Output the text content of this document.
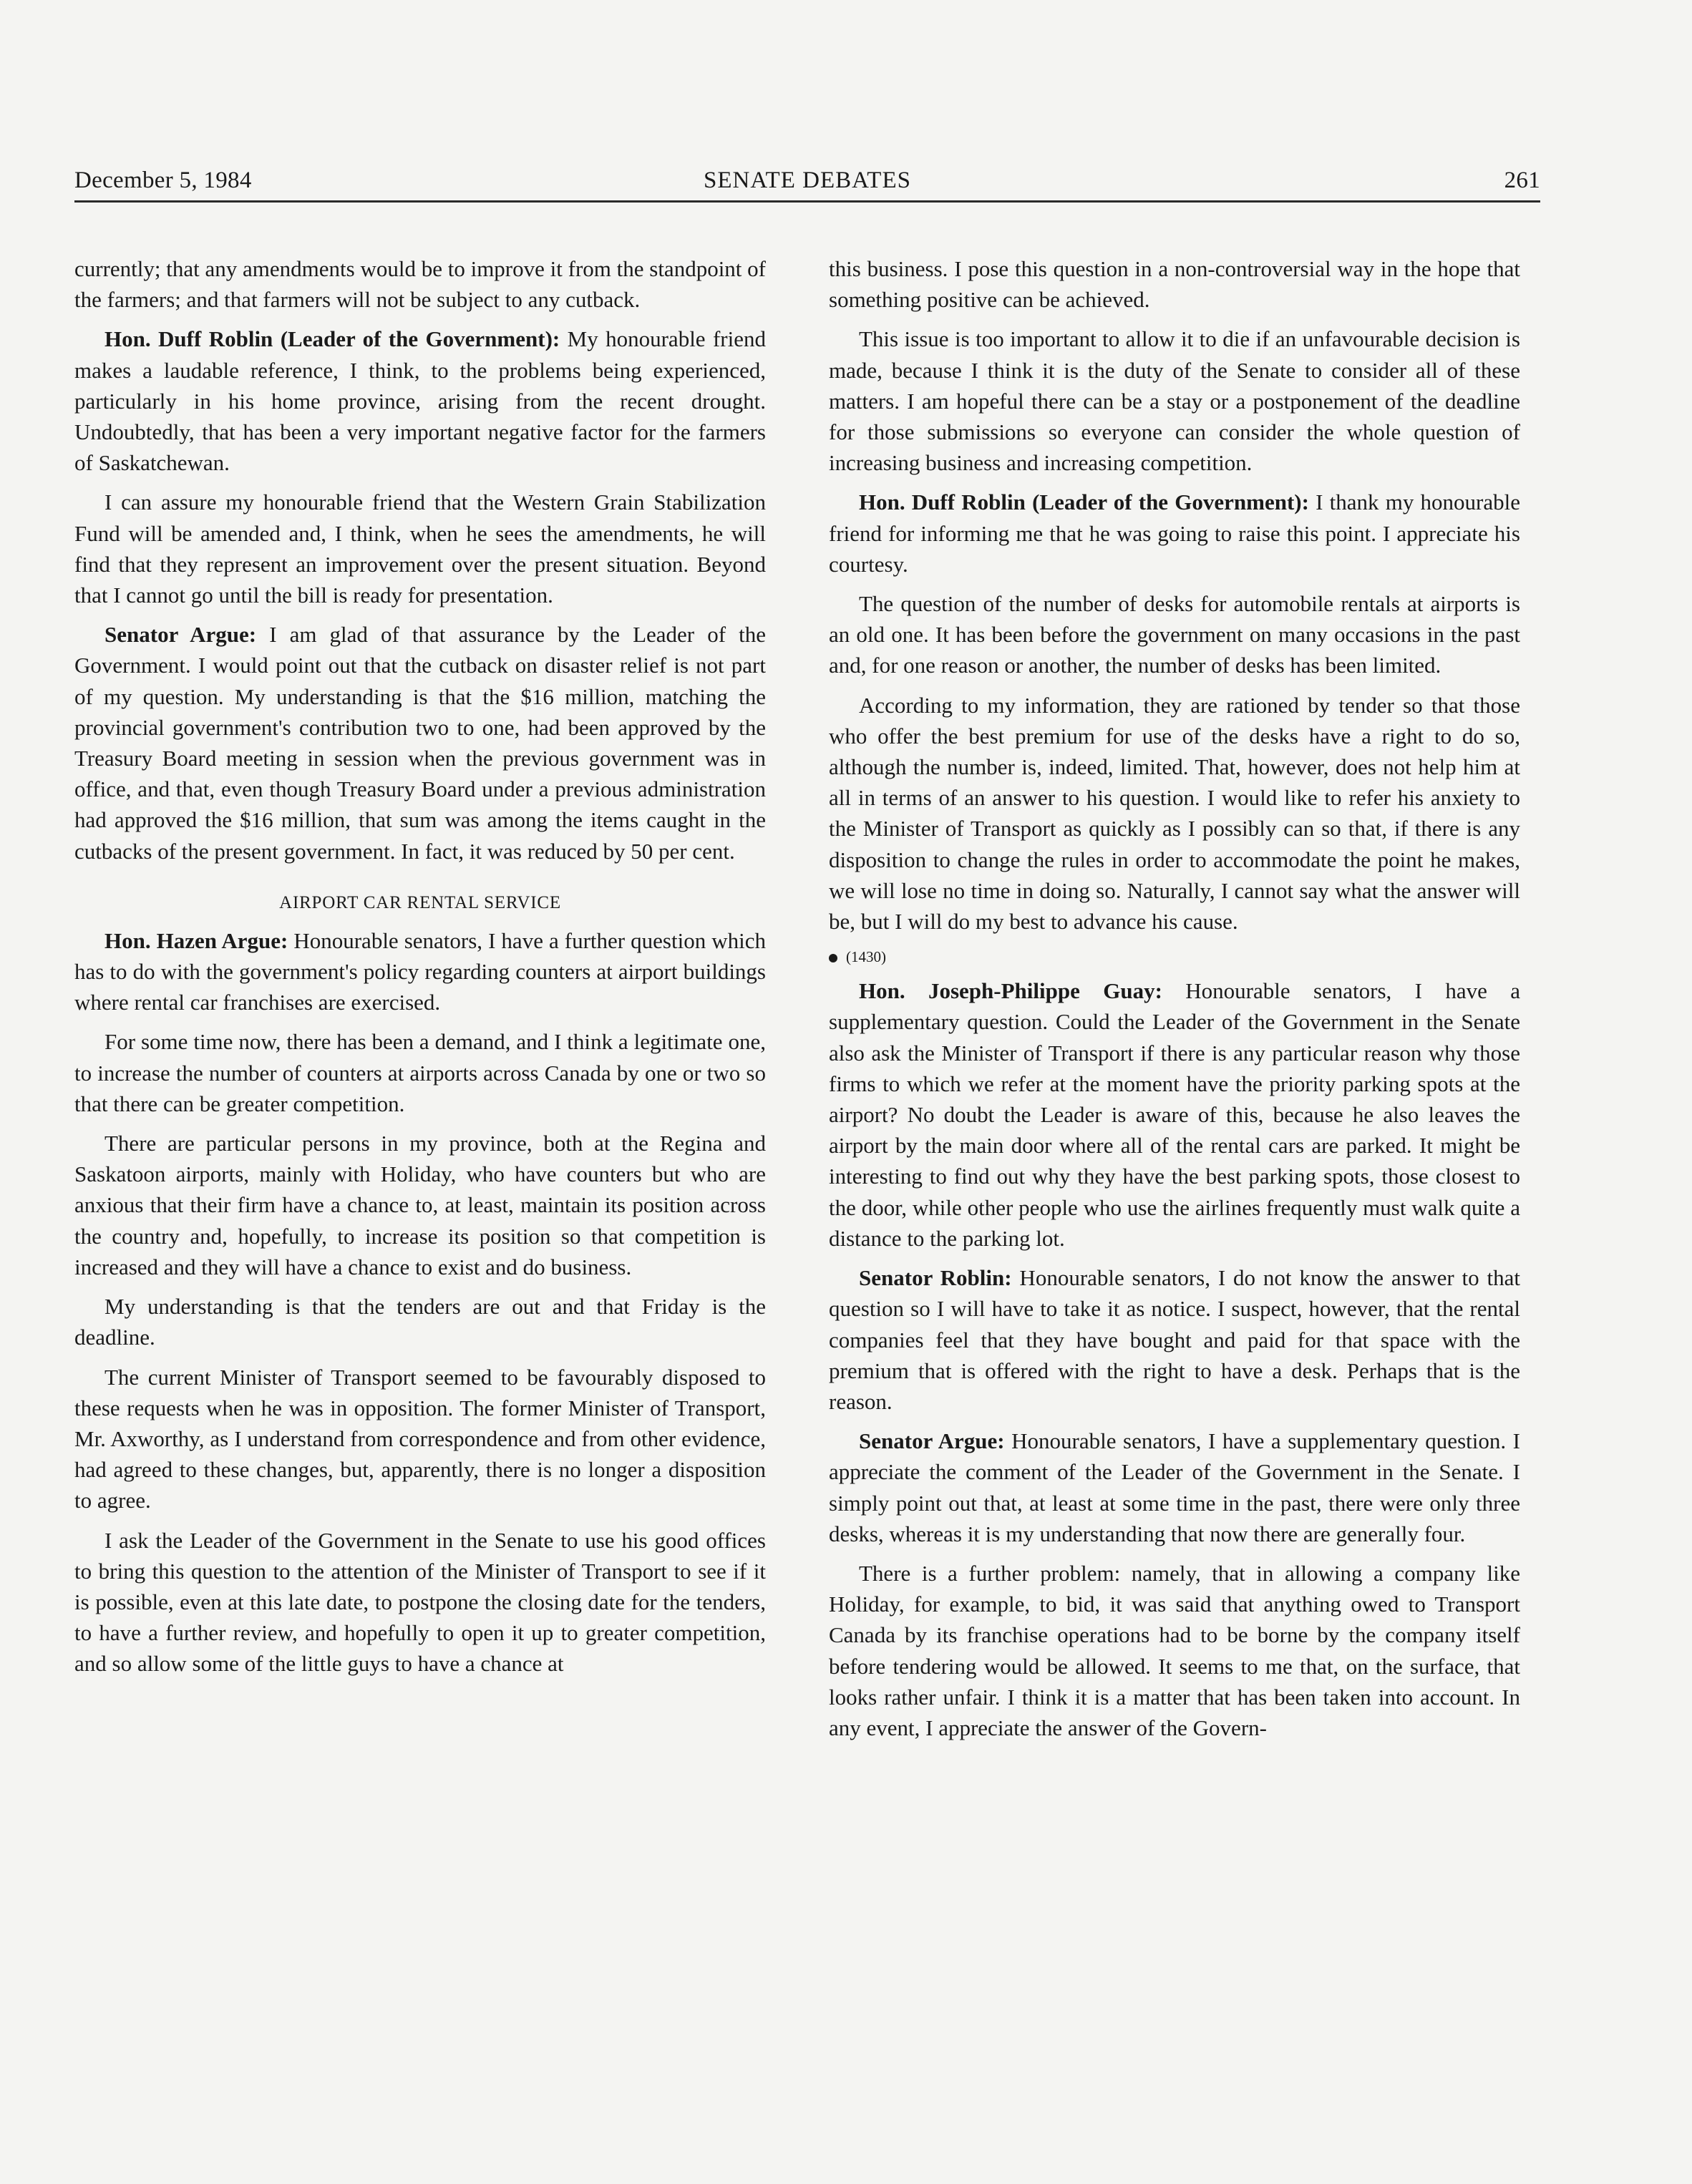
December 5, 1984	SENATE DEBATES	261

currently; that any amendments would be to improve it from the standpoint of the farmers; and that farmers will not be subject to any cutback.

Hon. Duff Roblin (Leader of the Government): My honourable friend makes a laudable reference, I think, to the problems being experienced, particularly in his home province, arising from the recent drought. Undoubtedly, that has been a very important negative factor for the farmers of Saskatchewan.

I can assure my honourable friend that the Western Grain Stabilization Fund will be amended and, I think, when he sees the amendments, he will find that they represent an improvement over the present situation. Beyond that I cannot go until the bill is ready for presentation.

Senator Argue: I am glad of that assurance by the Leader of the Government. I would point out that the cutback on disaster relief is not part of my question. My understanding is that the $16 million, matching the provincial government's contribution two to one, had been approved by the Treasury Board meeting in session when the previous government was in office, and that, even though Treasury Board under a previous administration had approved the $16 million, that sum was among the items caught in the cutbacks of the present government. In fact, it was reduced by 50 per cent.

AIRPORT CAR RENTAL SERVICE

Hon. Hazen Argue: Honourable senators, I have a further question which has to do with the government's policy regarding counters at airport buildings where rental car franchises are exercised.

For some time now, there has been a demand, and I think a legitimate one, to increase the number of counters at airports across Canada by one or two so that there can be greater competition.

There are particular persons in my province, both at the Regina and Saskatoon airports, mainly with Holiday, who have counters but who are anxious that their firm have a chance to, at least, maintain its position across the country and, hopefully, to increase its position so that competition is increased and they will have a chance to exist and do business.

My understanding is that the tenders are out and that Friday is the deadline.

The current Minister of Transport seemed to be favourably disposed to these requests when he was in opposition. The former Minister of Transport, Mr. Axworthy, as I understand from correspondence and from other evidence, had agreed to these changes, but, apparently, there is no longer a disposition to agree.

I ask the Leader of the Government in the Senate to use his good offices to bring this question to the attention of the Minister of Transport to see if it is possible, even at this late date, to postpone the closing date for the tenders, to have a further review, and hopefully to open it up to greater competition, and so allow some of the little guys to have a chance at

this business. I pose this question in a non-controversial way in the hope that something positive can be achieved.

This issue is too important to allow it to die if an unfavourable decision is made, because I think it is the duty of the Senate to consider all of these matters. I am hopeful there can be a stay or a postponement of the deadline for those submissions so everyone can consider the whole question of increasing business and increasing competition.

Hon. Duff Roblin (Leader of the Government): I thank my honourable friend for informing me that he was going to raise this point. I appreciate his courtesy.

The question of the number of desks for automobile rentals at airports is an old one. It has been before the government on many occasions in the past and, for one reason or another, the number of desks has been limited.

According to my information, they are rationed by tender so that those who offer the best premium for use of the desks have a right to do so, although the number is, indeed, limited. That, however, does not help him at all in terms of an answer to his question. I would like to refer his anxiety to the Minister of Transport as quickly as I possibly can so that, if there is any disposition to change the rules in order to accommodate the point he makes, we will lose no time in doing so. Naturally, I cannot say what the answer will be, but I will do my best to advance his cause.

(1430)

Hon. Joseph-Philippe Guay: Honourable senators, I have a supplementary question. Could the Leader of the Government in the Senate also ask the Minister of Transport if there is any particular reason why those firms to which we refer at the moment have the priority parking spots at the airport? No doubt the Leader is aware of this, because he also leaves the airport by the main door where all of the rental cars are parked. It might be interesting to find out why they have the best parking spots, those closest to the door, while other people who use the airlines frequently must walk quite a distance to the parking lot.

Senator Roblin: Honourable senators, I do not know the answer to that question so I will have to take it as notice. I suspect, however, that the rental companies feel that they have bought and paid for that space with the premium that is offered with the right to have a desk. Perhaps that is the reason.

Senator Argue: Honourable senators, I have a supplementary question. I appreciate the comment of the Leader of the Government in the Senate. I simply point out that, at least at some time in the past, there were only three desks, whereas it is my understanding that now there are generally four.

There is a further problem: namely, that in allowing a company like Holiday, for example, to bid, it was said that anything owed to Transport Canada by its franchise operations had to be borne by the company itself before tendering would be allowed. It seems to me that, on the surface, that looks rather unfair. I think it is a matter that has been taken into account. In any event, I appreciate the answer of the Govern-
